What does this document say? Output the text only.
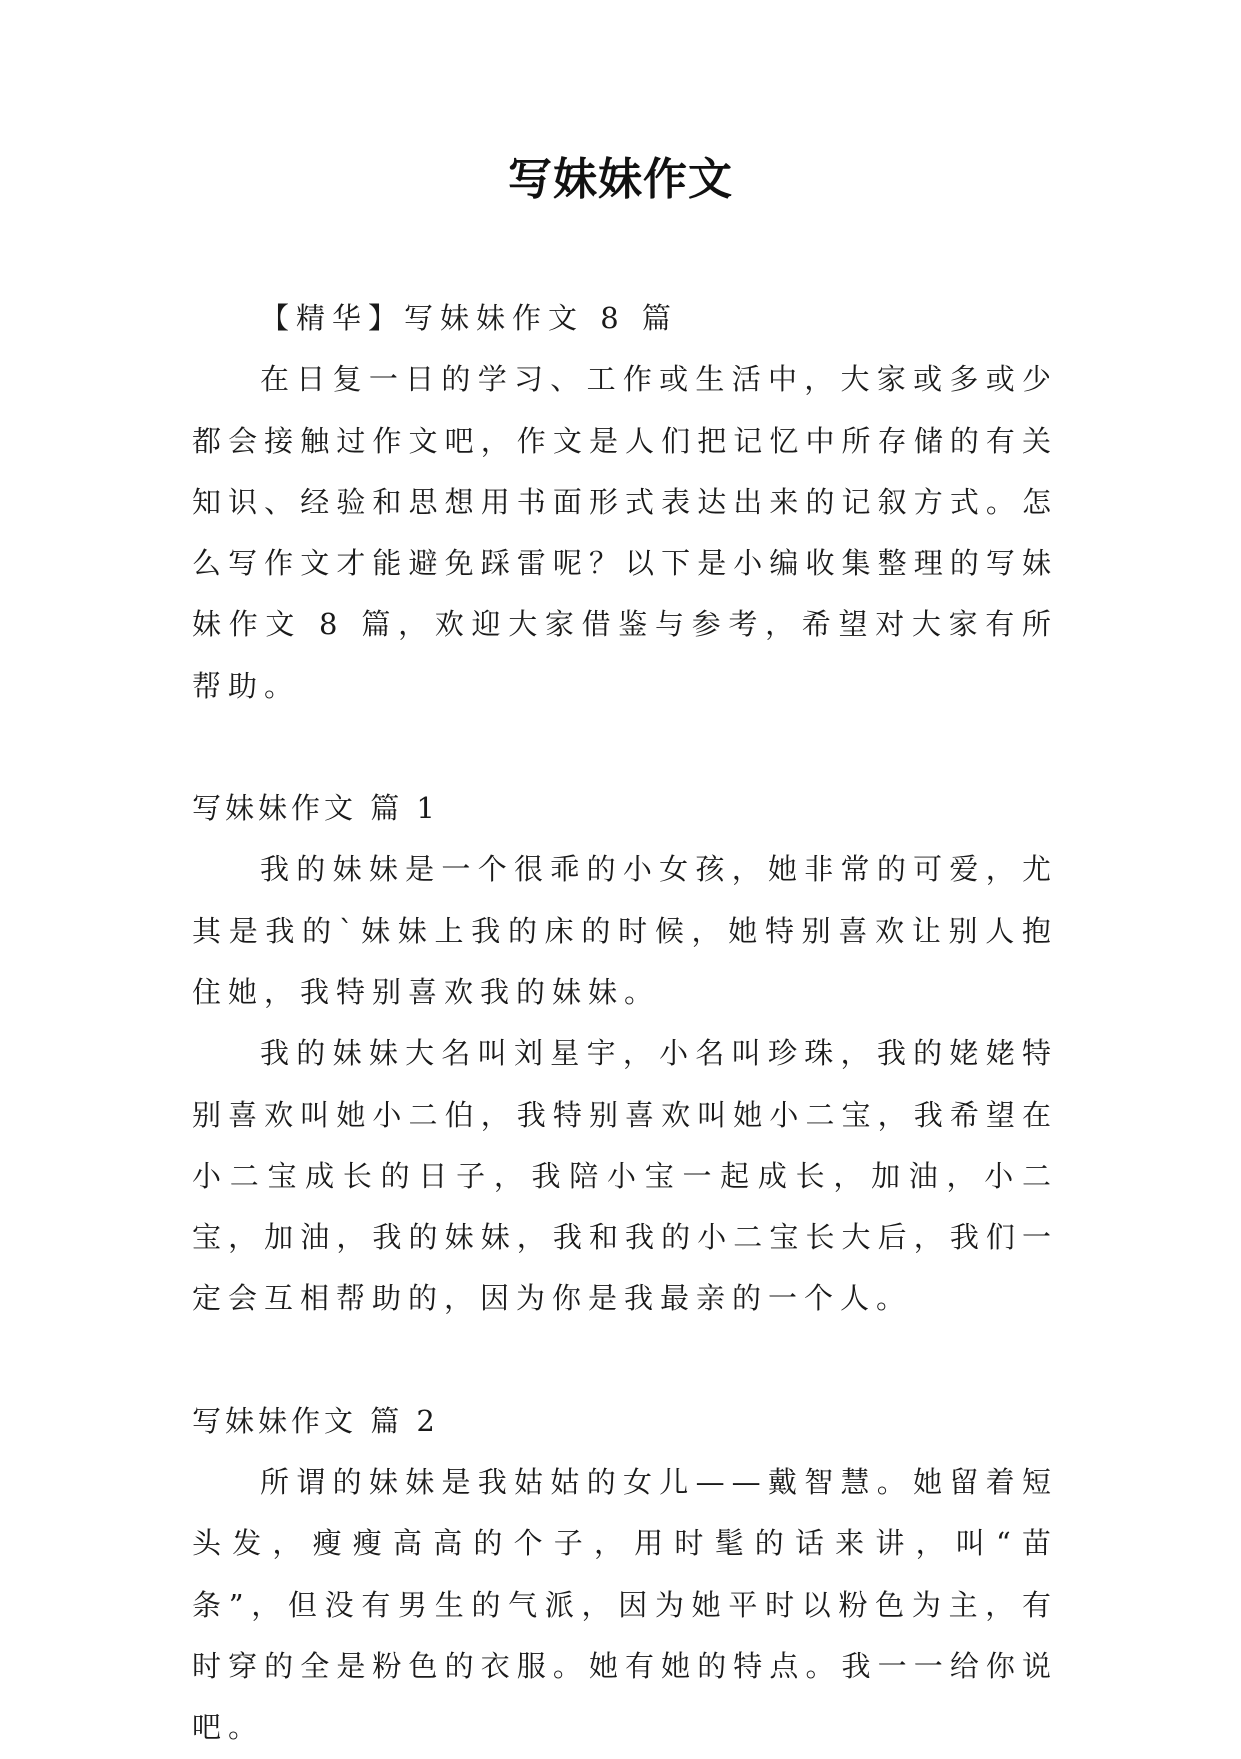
写妹妹作文

【精华】写妹妹作文 8 篇

在日复一日的学习、工作或生活中，大家或多或少都会接触过作文吧，作文是人们把记忆中所存储的有关知识、经验和思想用书面形式表达出来的记叙方式。怎么写作文才能避免踩雷呢？以下是小编收集整理的写妹妹作文 8 篇，欢迎大家借鉴与参考，希望对大家有所帮助。

写妹妹作文 篇 1

我的妹妹是一个很乖的小女孩，她非常的可爱，尤其是我的`妹妹上我的床的时候，她特别喜欢让别人抱住她，我特别喜欢我的妹妹。

我的妹妹大名叫刘星宇，小名叫珍珠，我的姥姥特别喜欢叫她小二伯，我特别喜欢叫她小二宝，我希望在小二宝成长的日子，我陪小宝一起成长，加油，小二宝，加油，我的妹妹，我和我的小二宝长大后，我们一定会互相帮助的，因为你是我最亲的一个人。

写妹妹作文 篇 2

所谓的妹妹是我姑姑的女儿——戴智慧。她留着短头发，瘦瘦高高的个子，用时髦的话来讲，叫“苗条”，但没有男生的气派，因为她平时以粉色为主，有时穿的全是粉色的衣服。她有她的特点。我一一给你说吧。
